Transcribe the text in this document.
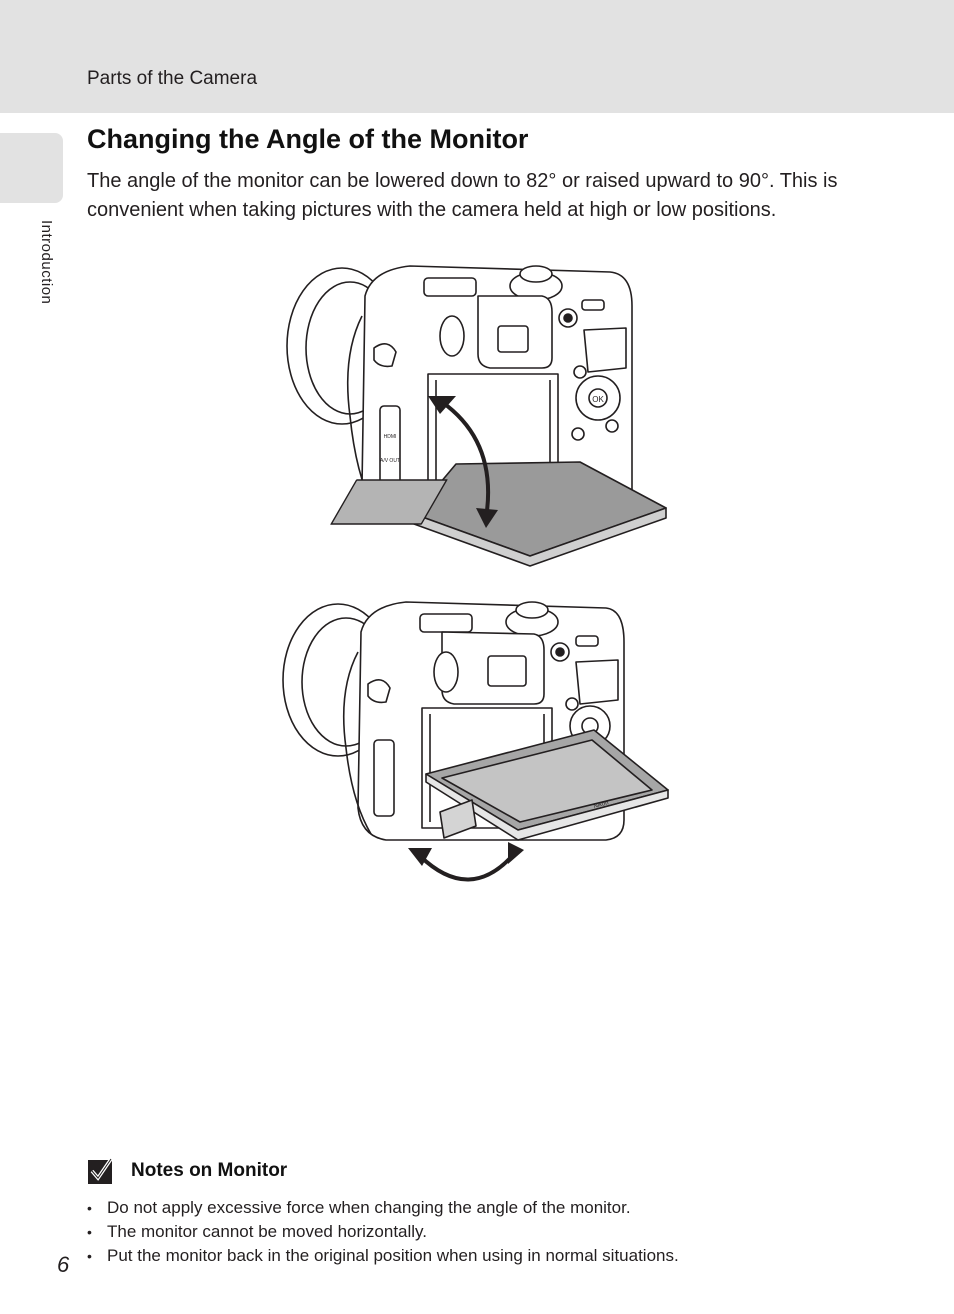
Parts of the Camera
Introduction
Changing the Angle of the Monitor

The angle of the monitor can be lowered down to 82° or raised upward to 90°. This is convenient when taking pictures with the camera held at high or low positions.

OK
HDMI
A/V OUT
Nikon
Notes on Monitor
• Do not apply excessive force when changing the angle of the monitor.
• The monitor cannot be moved horizontally.
• Put the monitor back in the original position when using in normal situations.
6
